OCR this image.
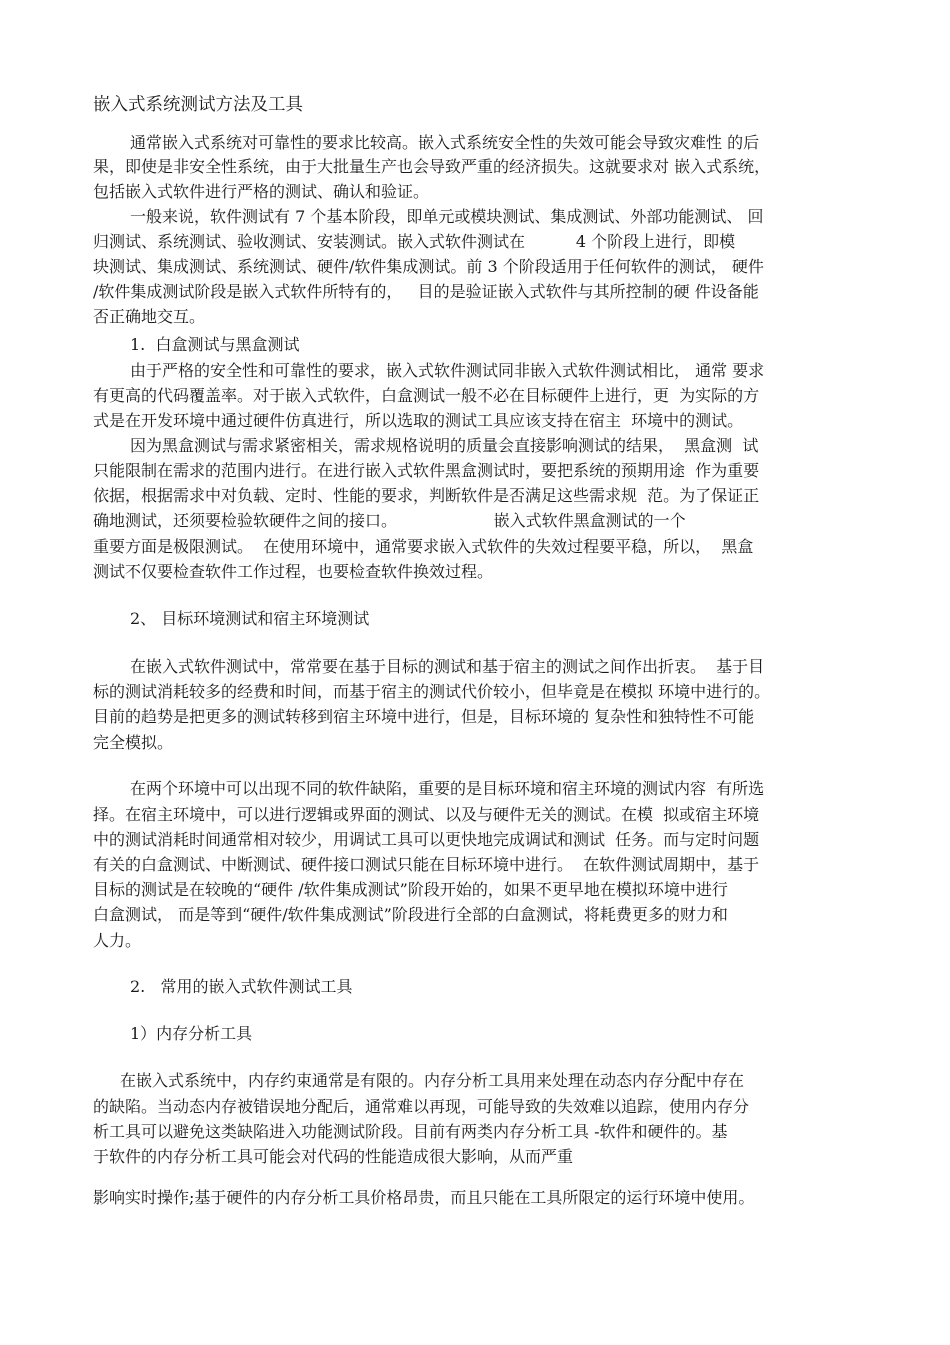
嵌入式系统测试方法及工具
通常嵌入式系统对可靠性的要求比较高。嵌入式系统安全性的失效可能会导致灾难性 的后
果，即使是非安全性系统，由于大批量生产也会导致严重的经济损失。这就要求对 嵌入式系统，
包括嵌入式软件进行严格的测试、确认和验证。
一般来说，软件测试有 7 个基本阶段，即单元或模块测试、集成测试、外部功能测试、 回
归测试、系统测试、验收测试、安装测试。嵌入式软件测试在          4 个阶段上进行，即模
块测试、集成测试、系统测试、硬件/软件集成测试。前 3 个阶段适用于任何软件的测试， 硬件
/软件集成测试阶段是嵌入式软件所特有的，   目的是验证嵌入式软件与其所控制的硬 件设备能
否正确地交互。
1.  白盒测试与黑盒测试
由于严格的安全性和可靠性的要求，嵌入式软件测试同非嵌入式软件测试相比， 通常 要求
有更高的代码覆盖率。对于嵌入式软件，白盒测试一般不必在目标硬件上进行，更  为实际的方
式是在开发环境中通过硬件仿真进行，所以选取的测试工具应该支持在宿主  环境中的测试。
因为黑盒测试与需求紧密相关，需求规格说明的质量会直接影响测试的结果，  黑盒测  试
只能限制在需求的范围内进行。在进行嵌入式软件黑盒测试时，要把系统的预期用途  作为重要
依据，根据需求中对负载、定时、性能的要求，判断软件是否满足这些需求规  范。为了保证正
确地测试，还须要检验软硬件之间的接口。                   嵌入式软件黑盒测试的一个
重要方面是极限测试。  在使用环境中，通常要求嵌入式软件的失效过程要平稳，所以，  黑盒
测试不仅要检查软件工作过程，也要检查软件换效过程。
2、 目标环境测试和宿主环境测试
在嵌入式软件测试中，常常要在基于目标的测试和基于宿主的测试之间作出折衷。  基于目
标的测试消耗较多的经费和时间，而基于宿主的测试代价较小，但毕竟是在模拟 环境中进行的。
目前的趋势是把更多的测试转移到宿主环境中进行，但是，目标环境的 复杂性和独特性不可能
完全模拟。
在两个环境中可以出现不同的软件缺陷，重要的是目标环境和宿主环境的测试内容  有所选
择。在宿主环境中，可以进行逻辑或界面的测试、以及与硬件无关的测试。在模  拟或宿主环境
中的测试消耗时间通常相对较少，用调试工具可以更快地完成调试和测试  任务。而与定时问题
有关的白盒测试、中断测试、硬件接口测试只能在目标环境中进行。  在软件测试周期中，基于
目标的测试是在较晚的“硬件 /软件集成测试”阶段开始的，如果不更早地在模拟环境中进行
白盒测试， 而是等到“硬件/软件集成测试”阶段进行全部的白盒测试，将耗费更多的财力和
人力。
2.   常用的嵌入式软件测试工具
1）内存分析工具
在嵌入式系统中，内存约束通常是有限的。内存分析工具用来处理在动态内存分配中存在
的缺陷。当动态内存被错误地分配后，通常难以再现，可能导致的失效难以追踪，使用内存分
析工具可以避免这类缺陷进入功能测试阶段。目前有两类内存分析工具 -软件和硬件的。基
于软件的内存分析工具可能会对代码的性能造成很大影响，从而严重
影响实时操作;基于硬件的内存分析工具价格昂贵，而且只能在工具所限定的运行环境中使用。
